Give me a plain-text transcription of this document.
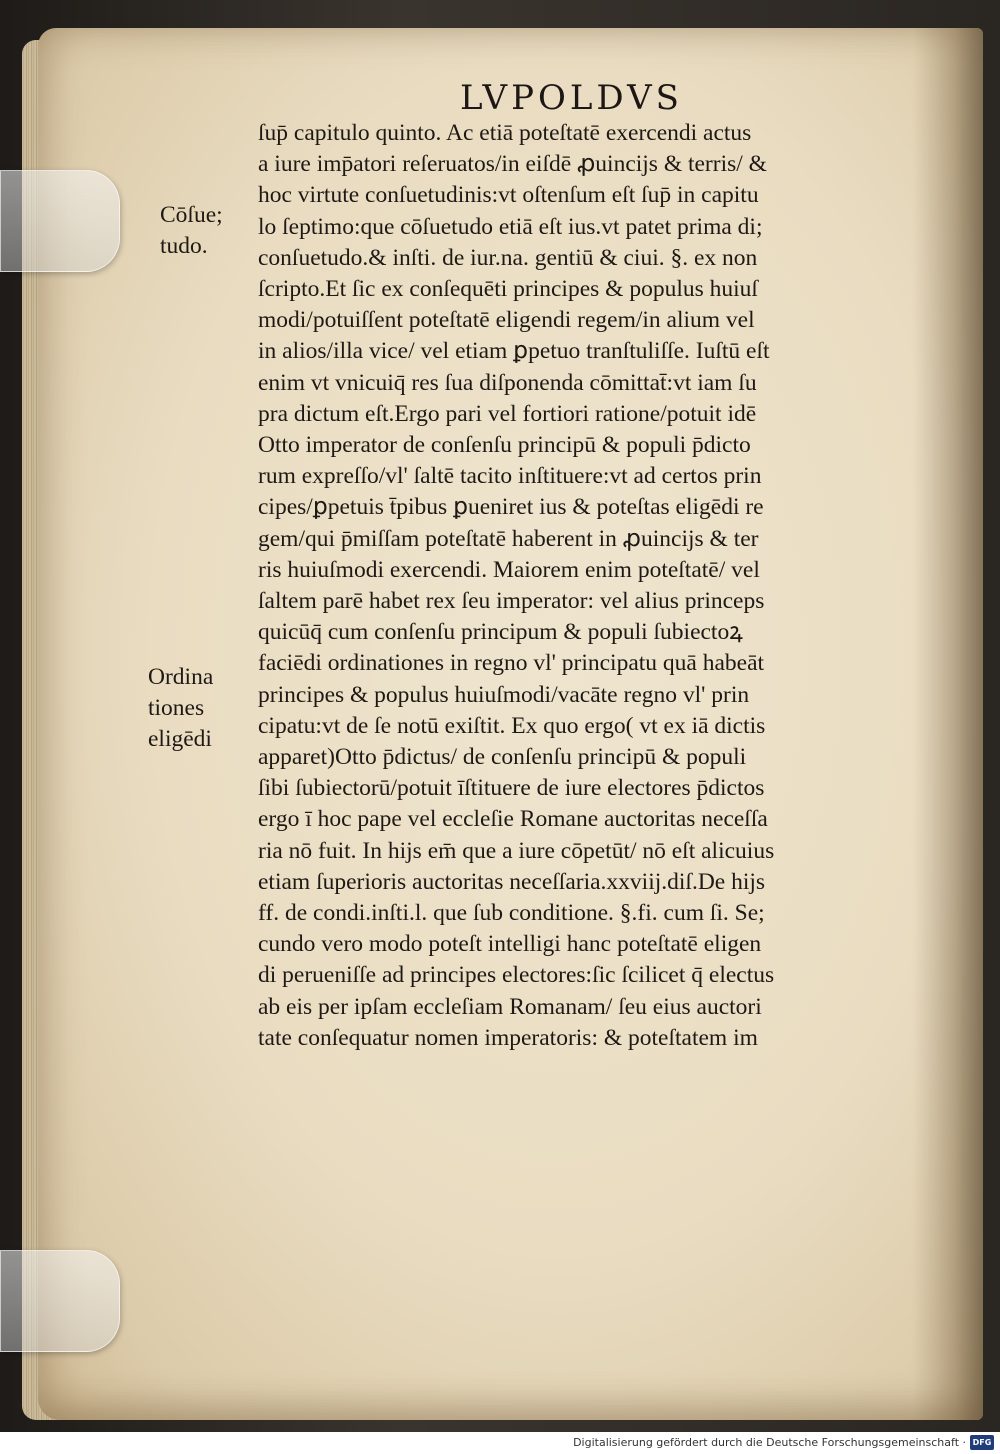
LVPOLDVS
Cōſue;
tudo.
Ordina
tiones
eligēdi
ſup̄ capitulo quinto. Ac etiā poteſtatē exercendi actus
a iure imp̄atori reſeruatos/in eiſdē ꝓuincijs & terris/ &
hoc virtute conſuetudinis:vt oſtenſum eſt ſup̄ in capitu
lo ſeptimo:que cōſuetudo etiā eſt ius.vt patet prima di;
conſuetudo.& inſti. de iur.na. gentiū & ciui. §. ex non
ſcripto.Et ſic ex conſequēti principes & populus huiuſ
modi/potuiſſent poteſtatē eligendi regem/in alium vel
in alios/illa vice/ vel etiam ꝑpetuo tranſtuliſſe. Iuſtū eſt
enim vt vnicuiq̄ res ſua diſponenda cōmittat̄:vt iam ſu
pra dictum eſt.Ergo pari vel fortiori ratione/potuit idē
Otto imperator de conſenſu principū & populi p̄dicto
rum expreſſo/vl' ſaltē tacito inſtituere:vt ad certos prin
cipes/ꝑpetuis t̄pibus ꝑueniret ius & poteſtas eligēdi re
gem/qui p̄miſſam poteſtatē haberent in ꝓuincijs & ter
ris huiuſmodi exercendi. Maiorem enim poteſtatē/ vel
ſaltem parē habet rex ſeu imperator: vel alius princeps
quicūq̄ cum conſenſu principum & populi ſubiectoꝝ
faciēdi ordinationes in regno vl' principatu quā habeāt
principes & populus huiuſmodi/vacāte regno vl' prin
cipatu:vt de ſe notū exiſtit. Ex quo ergo( vt ex iā dictis
apparet)Otto p̄dictus/ de conſenſu principū & populi
ſibi ſubiectorū/potuit īſtituere de iure electores p̄dictos
ergo ī hoc pape vel eccleſie Romane auctoritas neceſſa
ria nō fuit. In hijs em̄ que a iure cōpetūt/ nō eſt alicuius
etiam ſuperioris auctoritas neceſſaria.xxviij.diſ.De hijs
ff. de condi.inſti.l. que ſub conditione. §.fi. cum ſi. Se;
cundo vero modo poteſt intelligi hanc poteſtatē eligen
di perueniſſe ad principes electores:ſic ſcilicet q̄ electus
ab eis per ipſam eccleſiam Romanam/ ſeu eius auctori
tate conſequatur nomen imperatoris: & poteſtatem im
Digitalisierung gefördert durch die Deutsche Forschungsgemeinschaft · DFG
